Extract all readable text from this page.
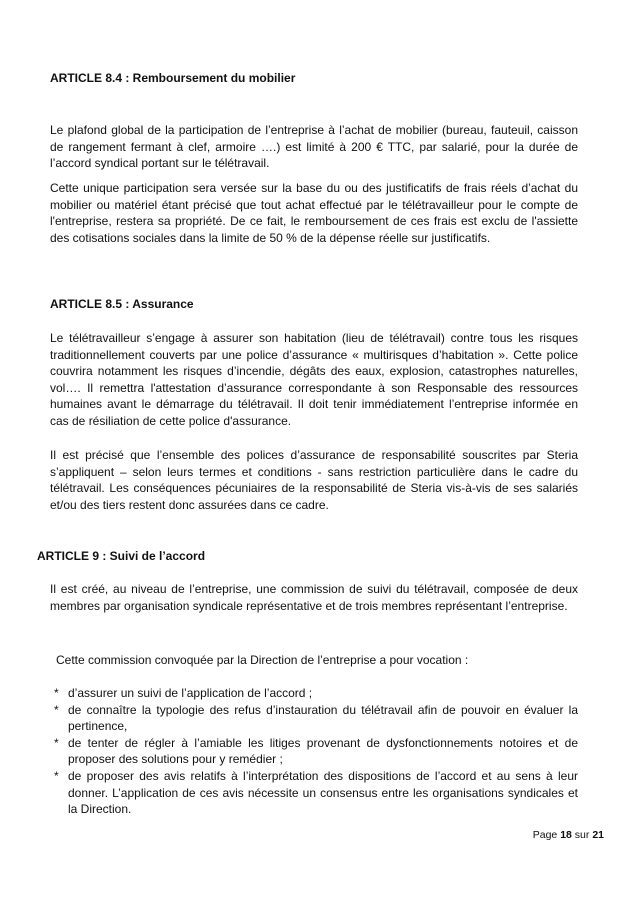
ARTICLE 8.4 : Remboursement du mobilier

Le plafond global de la participation de l’entreprise à l’achat de mobilier (bureau, fauteuil, caisson de rangement fermant à clef, armoire ….) est limité à 200 € TTC, par salarié, pour la durée de l’accord syndical portant sur le télétravail.

Cette unique participation sera versée sur la base du ou des justificatifs de frais réels d’achat du mobilier ou matériel étant précisé que tout achat effectué par le télétravailleur pour le compte de l'entreprise, restera sa propriété. De ce fait, le remboursement de ces frais est exclu de l'assiette des cotisations sociales dans la limite de 50 % de la dépense réelle sur justificatifs.

ARTICLE 8.5 : Assurance

Le télétravailleur s’engage à assurer son habitation (lieu de télétravail) contre tous les risques traditionnellement couverts par une police d’assurance « multirisques d’habitation ». Cette police couvrira notamment les risques d’incendie, dégâts des eaux, explosion, catastrophes naturelles, vol…. Il remettra l'attestation d’assurance correspondante à son Responsable des ressources humaines avant le démarrage du télétravail. Il doit tenir immédiatement l’entreprise informée en cas de résiliation de cette police d'assurance.

Il est précisé que l’ensemble des polices d’assurance de responsabilité souscrites par Steria s’appliquent – selon leurs termes et conditions - sans restriction particulière dans le cadre du télétravail. Les conséquences pécuniaires de la responsabilité de Steria vis-à-vis de ses salariés et/ou des tiers restent donc assurées dans ce cadre.

ARTICLE 9 : Suivi de l’accord

Il est créé, au niveau de l’entreprise, une commission de suivi du télétravail, composée de deux membres par organisation syndicale représentative et de trois membres représentant l’entreprise.

Cette commission convoquée par la Direction de l’entreprise a pour vocation :

* d’assurer un suivi de l’application de l’accord ;
* de connaître la typologie des refus d’instauration du télétravail afin de pouvoir en évaluer la pertinence,
* de tenter de régler à l’amiable les litiges provenant de dysfonctionnements notoires et de proposer des solutions pour y remédier ;
* de proposer des avis relatifs à l’interprétation des dispositions de l’accord et au sens à leur donner. L’application de ces avis nécessite un consensus entre les organisations syndicales et la Direction.
Page 18 sur 21
